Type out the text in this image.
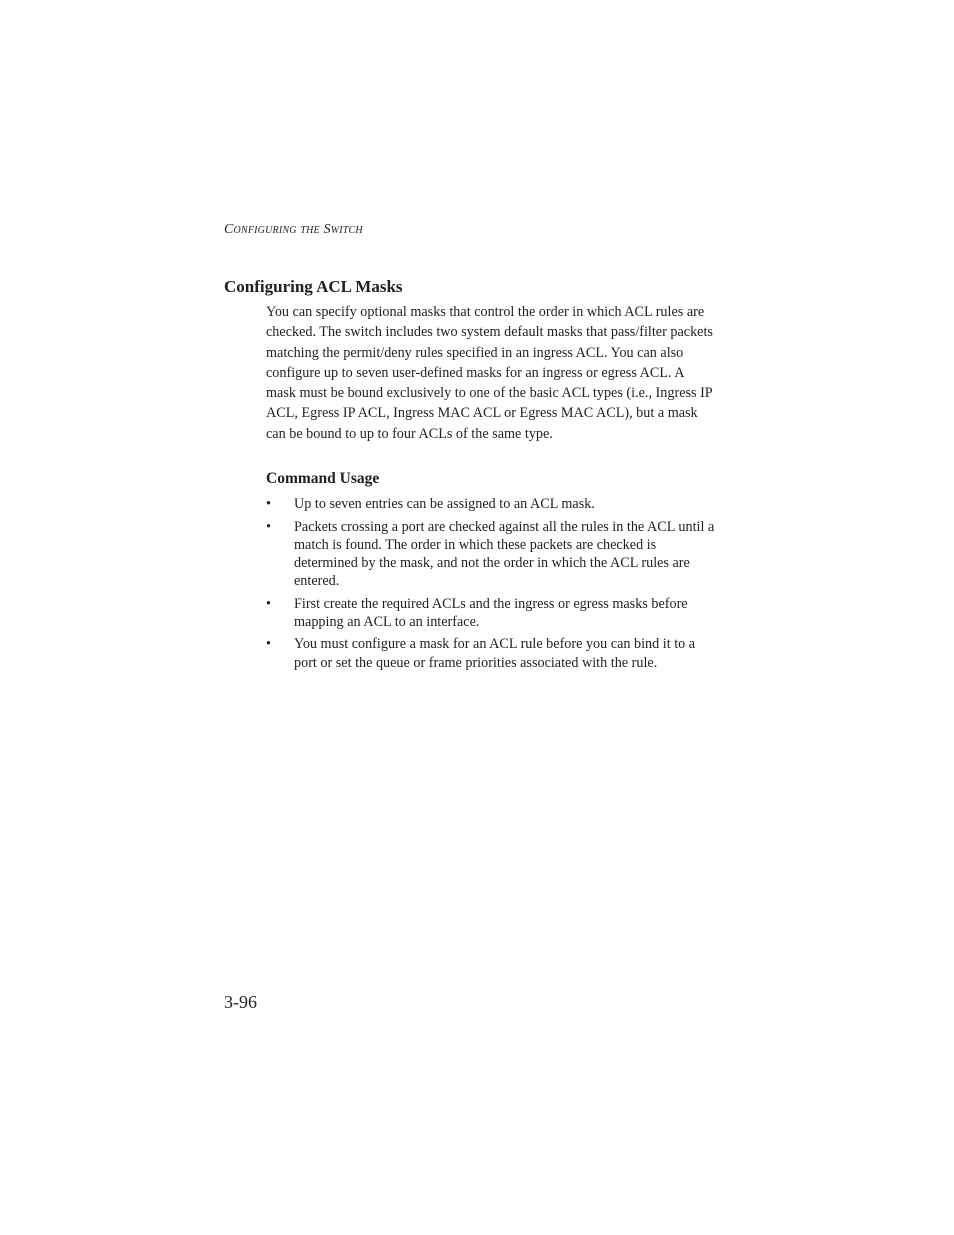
Configuring the Switch
Configuring ACL Masks

You can specify optional masks that control the order in which ACL rules are checked. The switch includes two system default masks that pass/filter packets matching the permit/deny rules specified in an ingress ACL. You can also configure up to seven user-defined masks for an ingress or egress ACL. A mask must be bound exclusively to one of the basic ACL types (i.e., Ingress IP ACL, Egress IP ACL, Ingress MAC ACL or Egress MAC ACL), but a mask can be bound to up to four ACLs of the same type.

Command Usage
• Up to seven entries can be assigned to an ACL mask.
• Packets crossing a port are checked against all the rules in the ACL until a match is found. The order in which these packets are checked is determined by the mask, and not the order in which the ACL rules are entered.
• First create the required ACLs and the ingress or egress masks before mapping an ACL to an interface.
• You must configure a mask for an ACL rule before you can bind it to a port or set the queue or frame priorities associated with the rule.
3-96
